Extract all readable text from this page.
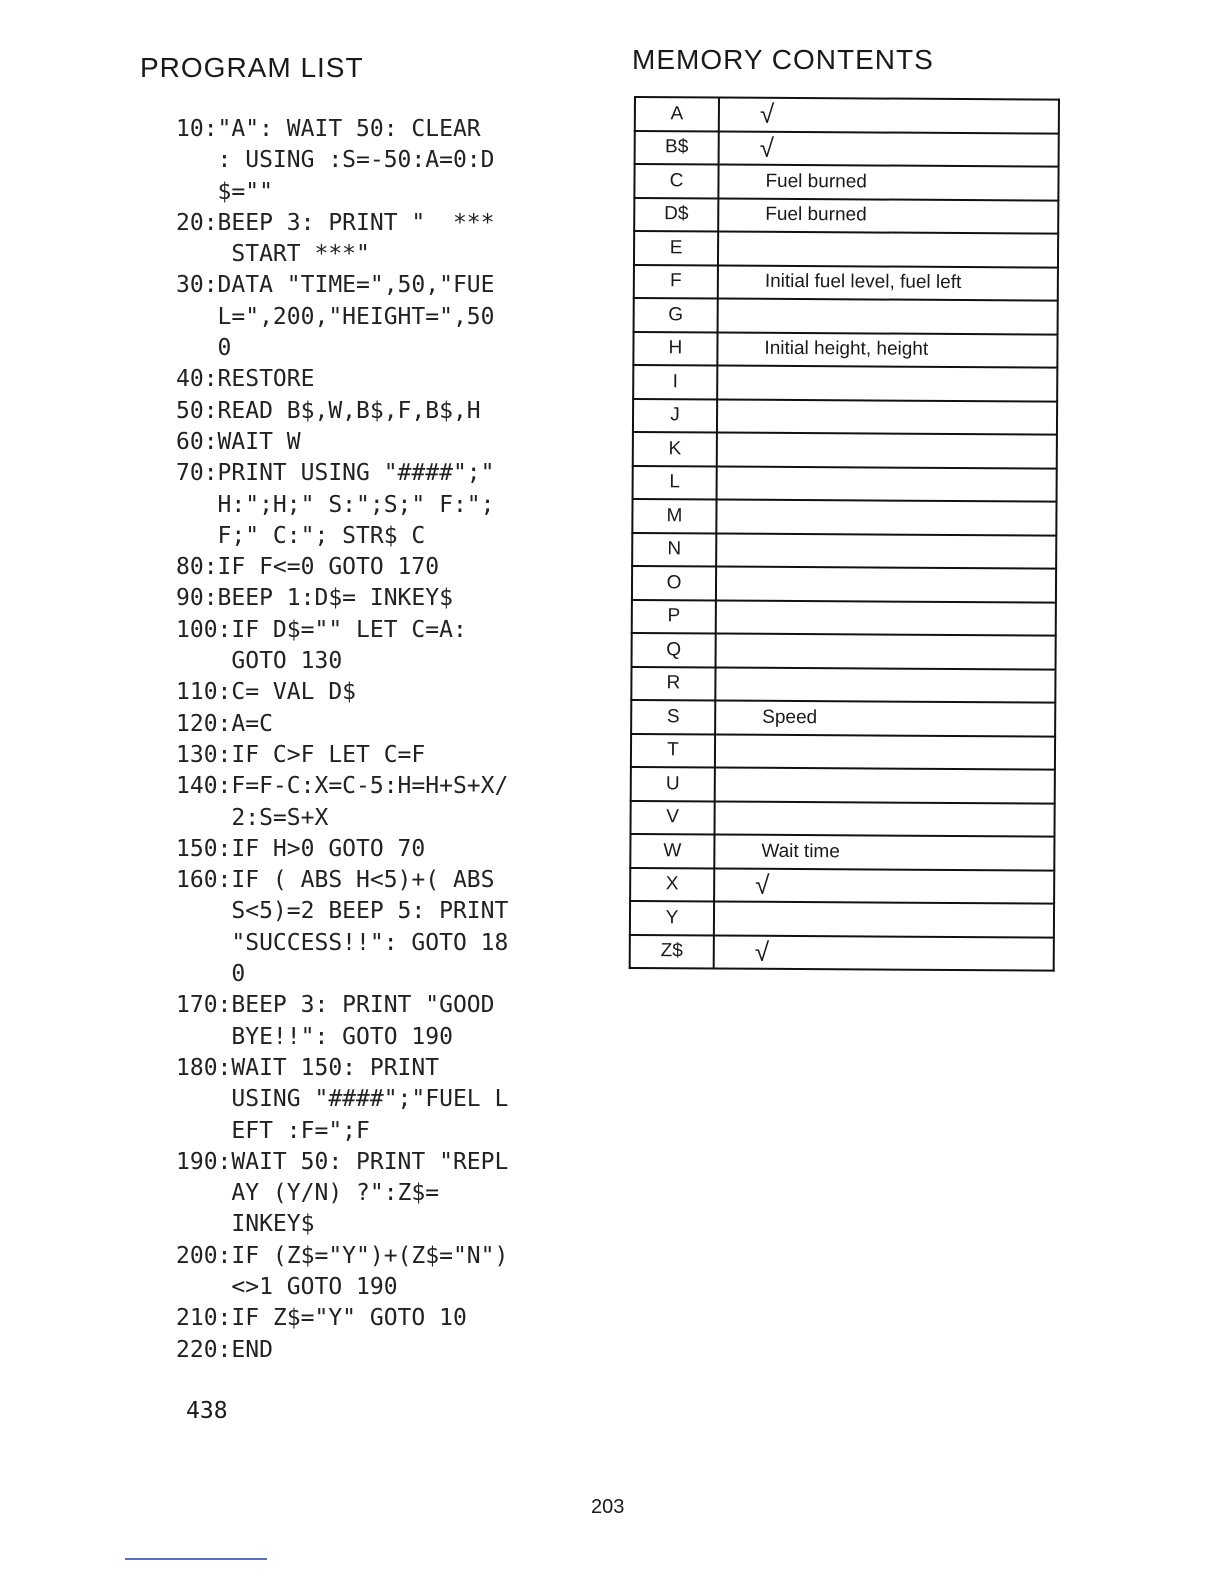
PROGRAM LIST	MEMORY CONTENTS
10:"A": WAIT 50: CLEAR
: USING :S=-50:A=0:D
$=""
20:BEEP 3: PRINT "  ***
START ***"
30:DATA "TIME=",50,"FUE
L=",200,"HEIGHT=",50
0
40:RESTORE
50:READ B$,W,B$,F,B$,H
60:WAIT W
70:PRINT USING "####";"
H:";H;" S:";S;" F:";
F;" C:"; STR$ C
80:IF F<=0 GOTO 170
90:BEEP 1:D$= INKEY$
100:IF D$="" LET C=A:
GOTO 130
110:C= VAL D$
120:A=C
130:IF C>F LET C=F
140:F=F-C:X=C-5:H=H+S+X/
2:S=S+X
150:IF H>0 GOTO 70
160:IF ( ABS H<5)+( ABS
S<5)=2 BEEP 5: PRINT
"SUCCESS!!": GOTO 18
0
170:BEEP 3: PRINT "GOOD
BYE!!": GOTO 190
180:WAIT 150: PRINT
USING "####";"FUEL L
EFT :F=";F
190:WAIT 50: PRINT "REPL
AY (Y/N) ?":Z$=
INKEY$
200:IF (Z$="Y")+(Z$="N")
<>1 GOTO 190
210:IF Z$="Y" GOTO 10
220:END
A	√
B$	√
C	Fuel burned
D$	Fuel burned
E	
F	Initial fuel level, fuel left
G	
H	Initial height, height
I	
J	
K	
L	
M	
N	
O	
P	
Q	
R	
S	Speed
T	
U	
V	
W	Wait time
X	√
Y	
Z$	√
438
203
